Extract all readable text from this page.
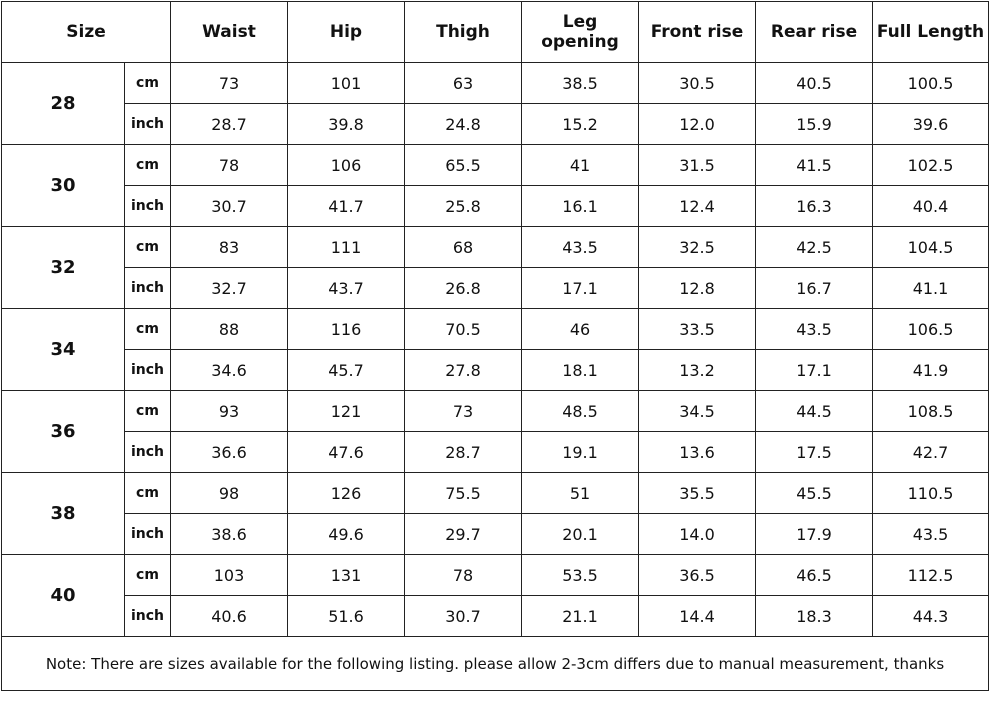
Size		Waist	Hip	Thigh	Leg opening	Front rise	Rear rise	Full Length
28	cm	73	101	63	38.5	30.5	40.5	100.5
	inch	28.7	39.8	24.8	15.2	12.0	15.9	39.6
30	cm	78	106	65.5	41	31.5	41.5	102.5
	inch	30.7	41.7	25.8	16.1	12.4	16.3	40.4
32	cm	83	111	68	43.5	32.5	42.5	104.5
	inch	32.7	43.7	26.8	17.1	12.8	16.7	41.1
34	cm	88	116	70.5	46	33.5	43.5	106.5
	inch	34.6	45.7	27.8	18.1	13.2	17.1	41.9
36	cm	93	121	73	48.5	34.5	44.5	108.5
	inch	36.6	47.6	28.7	19.1	13.6	17.5	42.7
38	cm	98	126	75.5	51	35.5	45.5	110.5
	inch	38.6	49.6	29.7	20.1	14.0	17.9	43.5
40	cm	103	131	78	53.5	36.5	46.5	112.5
	inch	40.6	51.6	30.7	21.1	14.4	18.3	44.3
Note: There are sizes available for the following listing. please allow 2-3cm differs due to manual measurement, thanks								
